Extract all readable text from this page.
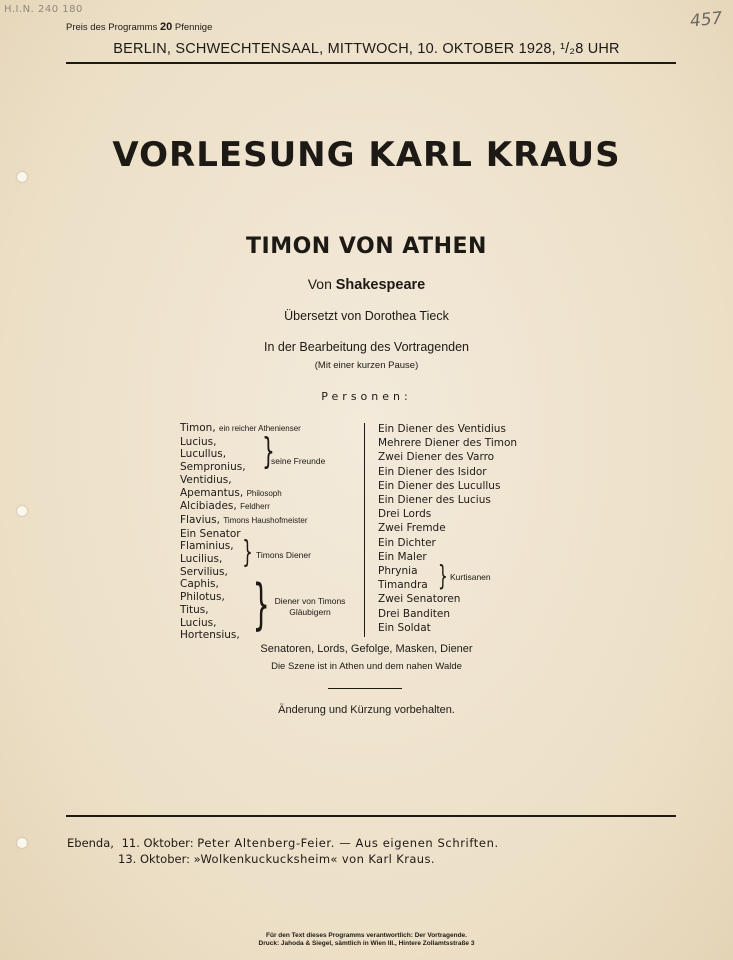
H.I.N. 240 180	457
Preis des Programms 20 Pfennige
BERLIN, SCHWECHTENSAAL, MITTWOCH, 10. OKTOBER 1928, ¹/₂8 UHR
VORLESUNG KARL KRAUS
TIMON VON ATHEN
Von Shakespeare
Übersetzt von Dorothea Tieck
In der Bearbeitung des Vortragenden
(Mit einer kurzen Pause)
Personen:
Timon, ein reicher Athenienser
Lucius,
Lucullus,
Sempronius,
Ventidius,
Apemantus, Philosoph
Alcibiades, Feldherr
Flavius, Timons Haushofmeister
Ein Senator
Flaminius,
Lucilius,
Servilius,
Caphis,
Philotus,
Titus,
Lucius,
Hortensius,
}
seine Freunde
} Timons Diener
} Diener von Timons
Gläubigern
Ein Diener des Ventidius
Mehrere Diener des Timon
Zwei Diener des Varro
Ein Diener des Isidor
Ein Diener des Lucullus
Ein Diener des Lucius
Drei Lords
Zwei Fremde
Ein Dichter
Ein Maler
Phrynia
Timandra
Zwei Senatoren
Drei Banditen
Ein Soldat
} Kurtisanen
Senatoren, Lords, Gefolge, Masken, Diener
Die Szene ist in Athen und dem nahen Walde
Änderung und Kürzung vorbehalten.
Ebenda, 11. Oktober: Peter Altenberg-Feier. — Aus eigenen Schriften.
13. Oktober: »Wolkenkuckucksheim« von Karl Kraus.
Für den Text dieses Programms verantwortlich: Der Vortragende.
Druck: Jahoda & Siegel, sämtlich in Wien III., Hintere Zollamtsstraße 3
